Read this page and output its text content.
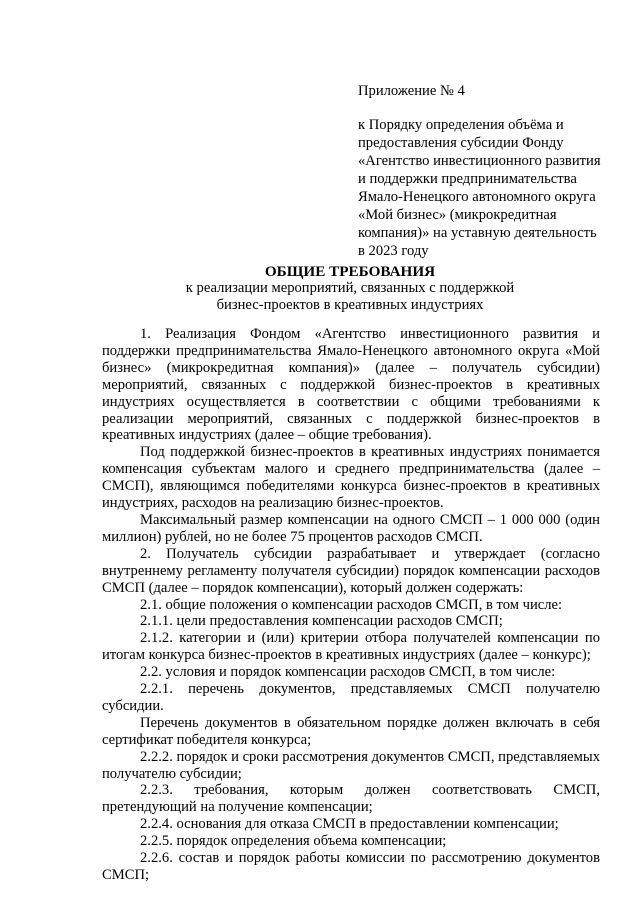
Приложение № 4
к Порядку определения объёма и
предоставления субсидии Фонду
«Агентство инвестиционного развития
и поддержки предпринимательства
Ямало-Ненецкого автономного округа
«Мой бизнес» (микрокредитная
компания)» на уставную деятельность
в 2023 году
ОБЩИЕ ТРЕБОВАНИЯ
к реализации мероприятий, связанных с поддержкой
бизнес-проектов в креативных индустриях

1. Реализация Фондом «Агентство инвестиционного развития и поддержки предпринимательства Ямало-Ненецкого автономного округа «Мой бизнес» (микрокредитная компания)» (далее – получатель субсидии) мероприятий, связанных с поддержкой бизнес-проектов в креативных индустриях осуществляется в соответствии с общими требованиями к реализации мероприятий, связанных с поддержкой бизнес-проектов в креативных индустриях (далее – общие требования).

Под поддержкой бизнес-проектов в креативных индустриях понимается компенсация субъектам малого и среднего предпринимательства (далее – СМСП), являющимся победителями конкурса бизнес-проектов в креативных индустриях, расходов на реализацию бизнес-проектов.

Максимальный размер компенсации на одного СМСП – 1 000 000 (один миллион) рублей, но не более 75 процентов расходов СМСП.

2. Получатель субсидии разрабатывает и утверждает (согласно внутреннему регламенту получателя субсидии) порядок компенсации расходов СМСП (далее – порядок компенсации), который должен содержать:

2.1. общие положения о компенсации расходов СМСП, в том числе:

2.1.1. цели предоставления компенсации расходов СМСП;

2.1.2. категории и (или) критерии отбора получателей компенсации по итогам конкурса бизнес-проектов в креативных индустриях (далее – конкурс);

2.2. условия и порядок компенсации расходов СМСП, в том числе:

2.2.1. перечень документов, представляемых СМСП получателю субсидии.

Перечень документов в обязательном порядке должен включать в себя сертификат победителя конкурса;

2.2.2. порядок и сроки рассмотрения документов СМСП, представляемых получателю субсидии;

2.2.3. требования, которым должен соответствовать СМСП, претендующий на получение компенсации;

2.2.4. основания для отказа СМСП в предоставлении компенсации;

2.2.5. порядок определения объема компенсации;

2.2.6. состав и порядок работы комиссии по рассмотрению документов СМСП;
